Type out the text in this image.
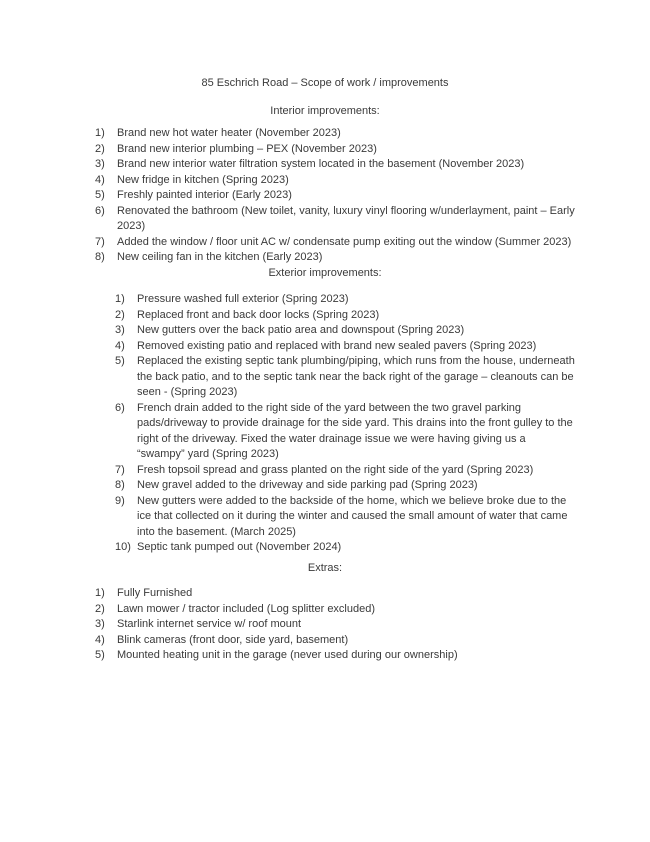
85 Eschrich Road – Scope of work / improvements
Interior improvements:
1)	Brand new hot water heater (November 2023)
2)	Brand new interior plumbing – PEX (November 2023)
3)	Brand new interior water filtration system located in the basement (November 2023)
4)	New fridge in kitchen (Spring 2023)
5)	Freshly painted interior (Early 2023)
6)	Renovated the bathroom (New toilet, vanity, luxury vinyl flooring w/underlayment, paint – Early 2023)
7)	Added the window / floor unit AC w/ condensate pump exiting out the window (Summer 2023)
8)	New ceiling fan in the kitchen (Early 2023)
Exterior improvements:
1)	Pressure washed full exterior (Spring 2023)
2)	Replaced front and back door locks (Spring 2023)
3)	New gutters over the back patio area and downspout (Spring 2023)
4)	Removed existing patio and replaced with brand new sealed pavers (Spring 2023)
5)	Replaced the existing septic tank plumbing/piping, which runs from the house, underneath the back patio, and to the septic tank near the back right of the garage – cleanouts can be seen - (Spring 2023)
6)	French drain added to the right side of the yard between the two gravel parking pads/driveway to provide drainage for the side yard. This drains into the front gulley to the right of the driveway. Fixed the water drainage issue we were having giving us a “swampy” yard (Spring 2023)
7)	Fresh topsoil spread and grass planted on the right side of the yard (Spring 2023)
8)	New gravel added to the driveway and side parking pad (Spring 2023)
9)	New gutters were added to the backside of the home, which we believe broke due to the ice that collected on it during the winter and caused the small amount of water that came into the basement. (March 2025)
10) Septic tank pumped out (November 2024)
Extras:
1)	Fully Furnished
2)	Lawn mower / tractor included (Log splitter excluded)
3)	Starlink internet service w/ roof mount
4)	Blink cameras (front door, side yard, basement)
5)	Mounted heating unit in the garage (never used during our ownership)
